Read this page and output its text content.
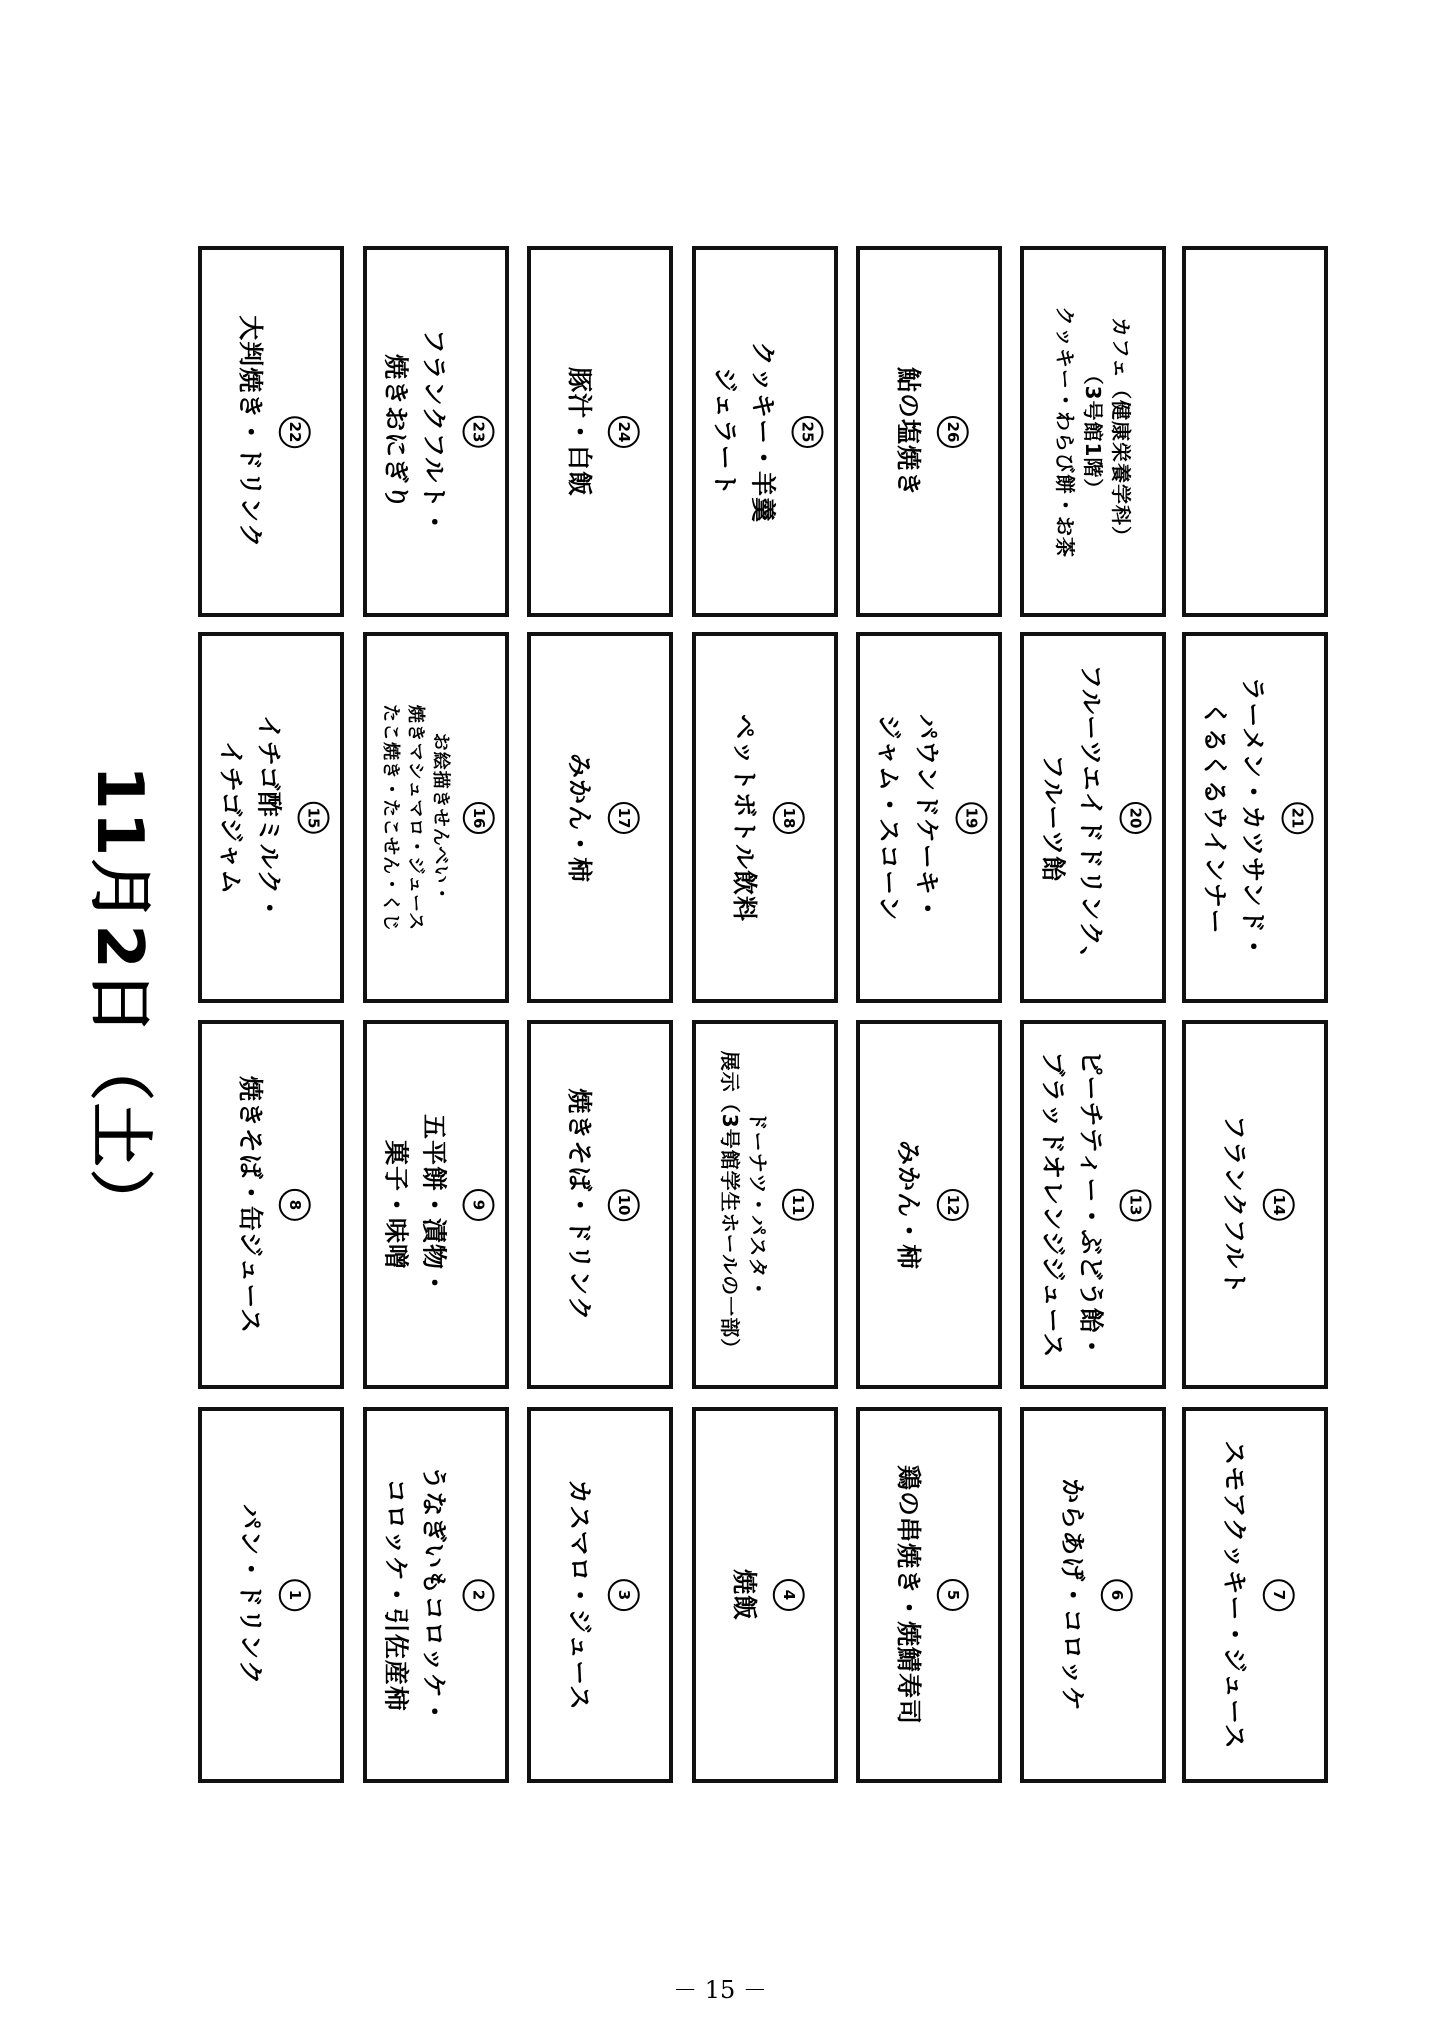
11月2日（土）
1
パン・ドリンク	2
うなぎいもコロッケ・
コロッケ・引佐産柿	3
カスマロ・ジュース	4
焼飯	5
鶏の串焼き・焼鯖寿司	6
からあげ・コロッケ	7
スモアクッキー・ジュース
8
焼きそば・缶ジュース	9
五平餅・漬物・
菓子・味噌	10
焼きそば・ドリンク	11
ドーナツ・パスタ・
展示（3号館学生ホールの一部）	12
みかん・柿	13
ピーチティー・ぶどう飴・
ブラッドオレンジジュース	14
フランクフルト
15
イチゴ酢ミルク・
イチゴジャム	16
お絵描きせんべい・
焼きマシュマロ・ジュース
たこ焼き・たこせん・くじ	17
みかん・柿	18
ペットボトル飲料	19
パウンドケーキ・
ジャム・スコーン	20
フルーツエイドドリンク、
フルーツ飴	21
ラーメン・カツサンド・
くるくるウインナー
22
大判焼き・ドリンク	23
フランクフルト・
焼きおにぎり	24
豚汁・白飯	25
クッキー・羊羹
ジェラート	26
鮎の塩焼き	カフェ（健康栄養学科）
（3号館1階）
クッキー・わらび餅・お茶
－ 15 －
